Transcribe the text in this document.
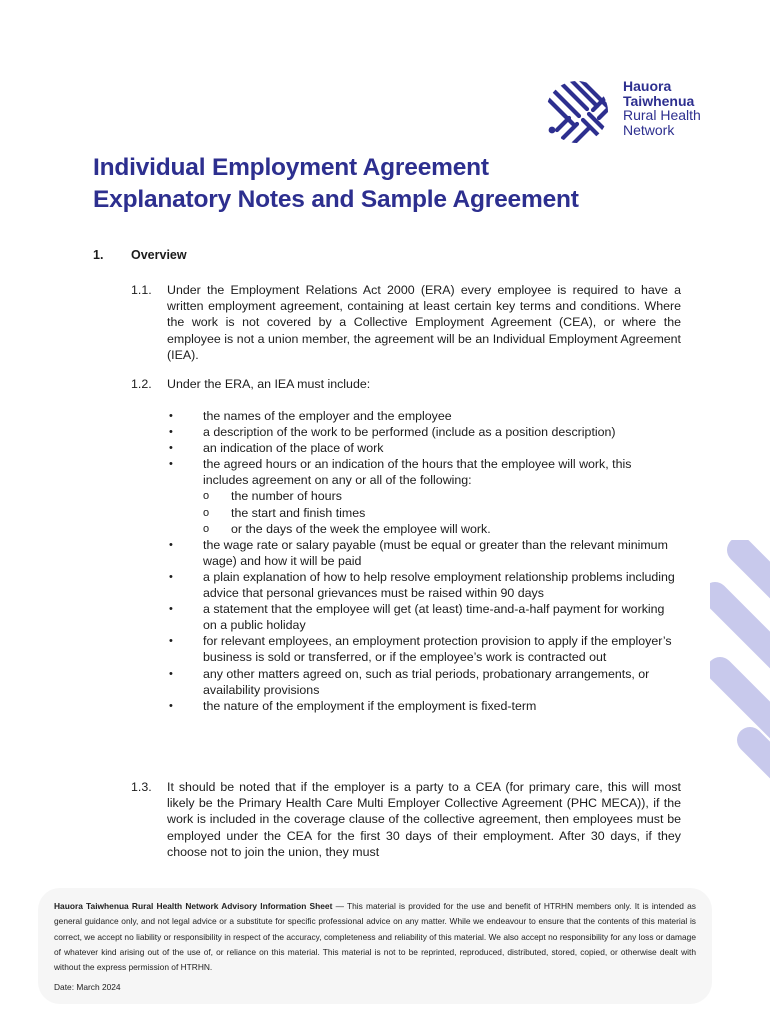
Hauora
Taiwhenua
Rural Health
Network
Individual Employment Agreement
Explanatory Notes and Sample Agreement
1. Overview
1.1. Under the Employment Relations Act 2000 (ERA) every employee is required to have a written employment agreement, containing at least certain key terms and conditions. Where the work is not covered by a Collective Employment Agreement (CEA), or where the employee is not a union member, the agreement will be an Individual Employment Agreement (IEA).
1.2. Under the ERA, an IEA must include:
• the names of the employer and the employee
• a description of the work to be performed (include as a position description)
• an indication of the place of work
• the agreed hours or an indication of the hours that the employee will work, this includes agreement on any or all of the following:
o the number of hours
o the start and finish times
o or the days of the week the employee will work.
• the wage rate or salary payable (must be equal or greater than the relevant minimum wage) and how it will be paid
• a plain explanation of how to help resolve employment relationship problems including advice that personal grievances must be raised within 90 days
• a statement that the employee will get (at least) time-and-a-half payment for working on a public holiday
• for relevant employees, an employment protection provision to apply if the employer’s business is sold or transferred, or if the employee’s work is contracted out
• any other matters agreed on, such as trial periods, probationary arrangements, or availability provisions
• the nature of the employment if the employment is fixed-term
1.3. It should be noted that if the employer is a party to a CEA (for primary care, this will most likely be the Primary Health Care Multi Employer Collective Agreement (PHC MECA)), if the work is included in the coverage clause of the collective agreement, then employees must be employed under the CEA for the first 30 days of their employment. After 30 days, if they choose not to join the union, they must
Hauora Taiwhenua Rural Health Network Advisory Information Sheet — This material is provided for the use and benefit of HTRHN members only. It is intended as general guidance only, and not legal advice or a substitute for specific professional advice on any matter. While we endeavour to ensure that the contents of this material is correct, we accept no liability or responsibility in respect of the accuracy, completeness and reliability of this material. We also accept no responsibility for any loss or damage of whatever kind arising out of the use of, or reliance on this material. This material is not to be reprinted, reproduced, distributed, stored, copied, or otherwise dealt with without the express permission of HTRHN.
Date: March 2024
